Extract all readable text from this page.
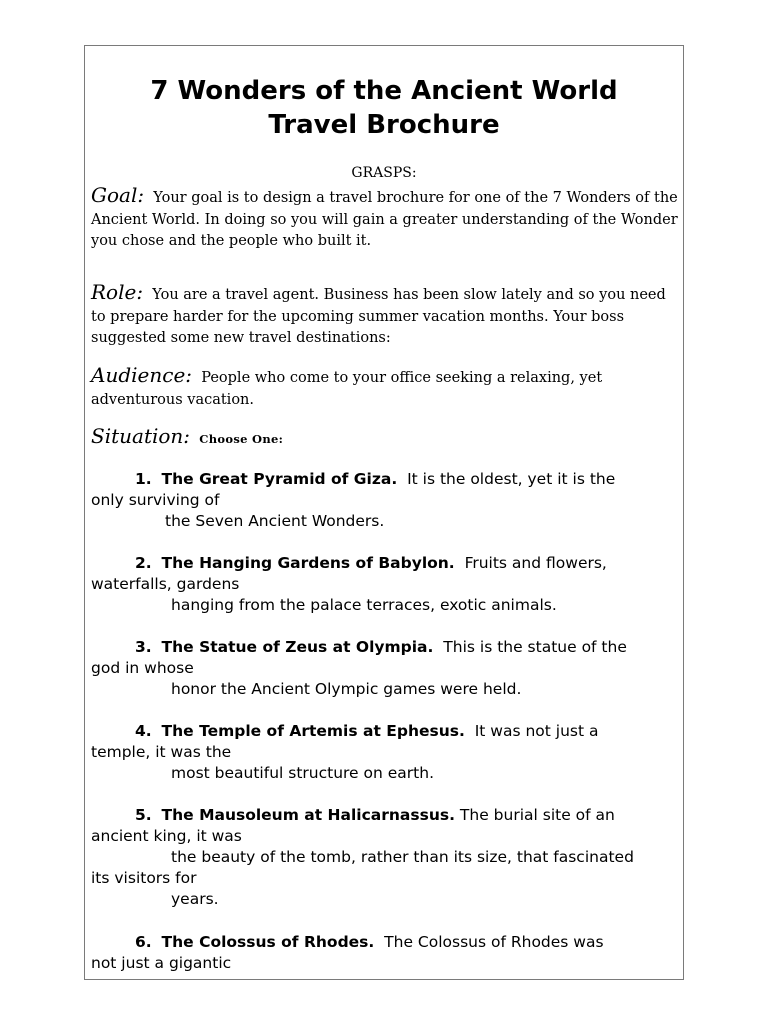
7 Wonders of the Ancient World
Travel Brochure
GRASPS:

Goal: Your goal is to design a travel brochure for one of the 7 Wonders of the Ancient World. In doing so you will gain a greater understanding of the Wonder you chose and the people who built it.

Role: You are a travel agent. Business has been slow lately and so you need to prepare harder for the upcoming summer vacation months. Your boss suggested some new travel destinations:

Audience: People who come to your office seeking a relaxing, yet adventurous vacation.

Situation: Choose One:

1. The Great Pyramid of Giza. It is the oldest, yet it is the

only surviving of

the Seven Ancient Wonders.

2. The Hanging Gardens of Babylon. Fruits and flowers,

waterfalls, gardens

hanging from the palace terraces, exotic animals.

3. The Statue of Zeus at Olympia. This is the statue of the

god in whose

honor the Ancient Olympic games were held.

4. The Temple of Artemis at Ephesus. It was not just a

temple, it was the

most beautiful structure on earth.

5. The Mausoleum at Halicarnassus. The burial site of an

ancient king, it was

the beauty of the tomb, rather than its size, that fascinated

its visitors for

years.

6. The Colossus of Rhodes. The Colossus of Rhodes was

not just a gigantic
